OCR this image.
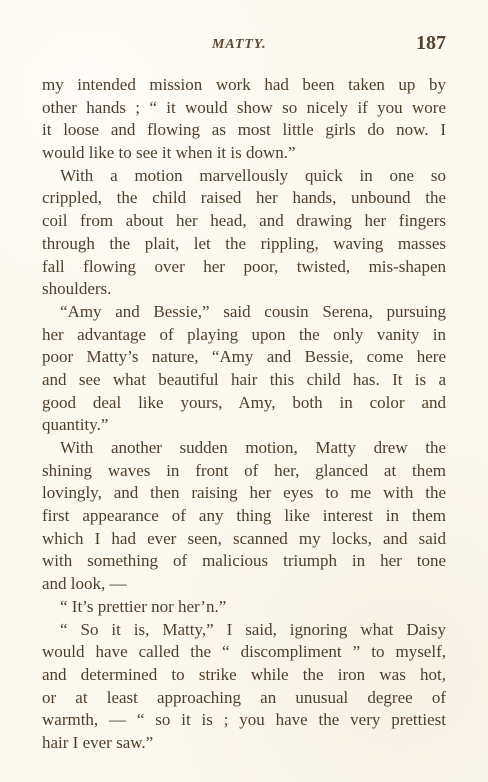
MATTY.	187
my intended mission work had been taken up by
other hands ; “ it would show so nicely if you wore
it loose and flowing as most little girls do now. I
would like to see it when it is down.”
With a motion marvellously quick in one so
crippled, the child raised her hands, unbound the
coil from about her head, and drawing her fingers
through the plait, let the rippling, waving masses
fall flowing over her poor, twisted, mis-shapen
shoulders.
“Amy and Bessie,” said cousin Serena, pursuing
her advantage of playing upon the only vanity in
poor Matty’s nature, “Amy and Bessie, come here
and see what beautiful hair this child has. It is a
good deal like yours, Amy, both in color and
quantity.”
With another sudden motion, Matty drew the
shining waves in front of her, glanced at them
lovingly, and then raising her eyes to me with the
first appearance of any thing like interest in them
which I had ever seen, scanned my locks, and said
with something of malicious triumph in her tone
and look, —
“ It’s prettier nor her’n.”
“ So it is, Matty,” I said, ignoring what Daisy
would have called the “ discompliment ” to myself,
and determined to strike while the iron was hot,
or at least approaching an unusual degree of
warmth, — “ so it is ; you have the very prettiest
hair I ever saw.”
